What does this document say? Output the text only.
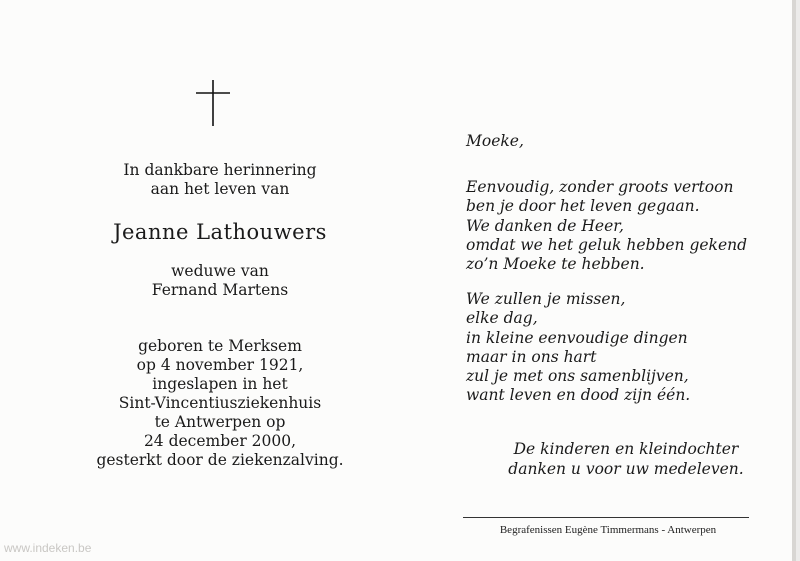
In dankbare herinnering
aan het leven van
Jeanne Lathouwers
weduwe van
Fernand Martens
geboren te Merksem
op 4 november 1921,
ingeslapen in het
Sint-Vincentiusziekenhuis
te Antwerpen op
24 december 2000,
gesterkt door de ziekenzalving.
Moeke,
Eenvoudig, zonder groots vertoon
ben je door het leven gegaan.
We danken de Heer,
omdat we het geluk hebben gekend
zo’n Moeke te hebben.
We zullen je missen,
elke dag,
in kleine eenvoudige dingen
maar in ons hart
zul je met ons samenblijven,
want leven en dood zijn één.
De kinderen en kleindochter
danken u voor uw medeleven.
Begrafenissen Eugène Timmermans - Antwerpen
www.indeken.be
